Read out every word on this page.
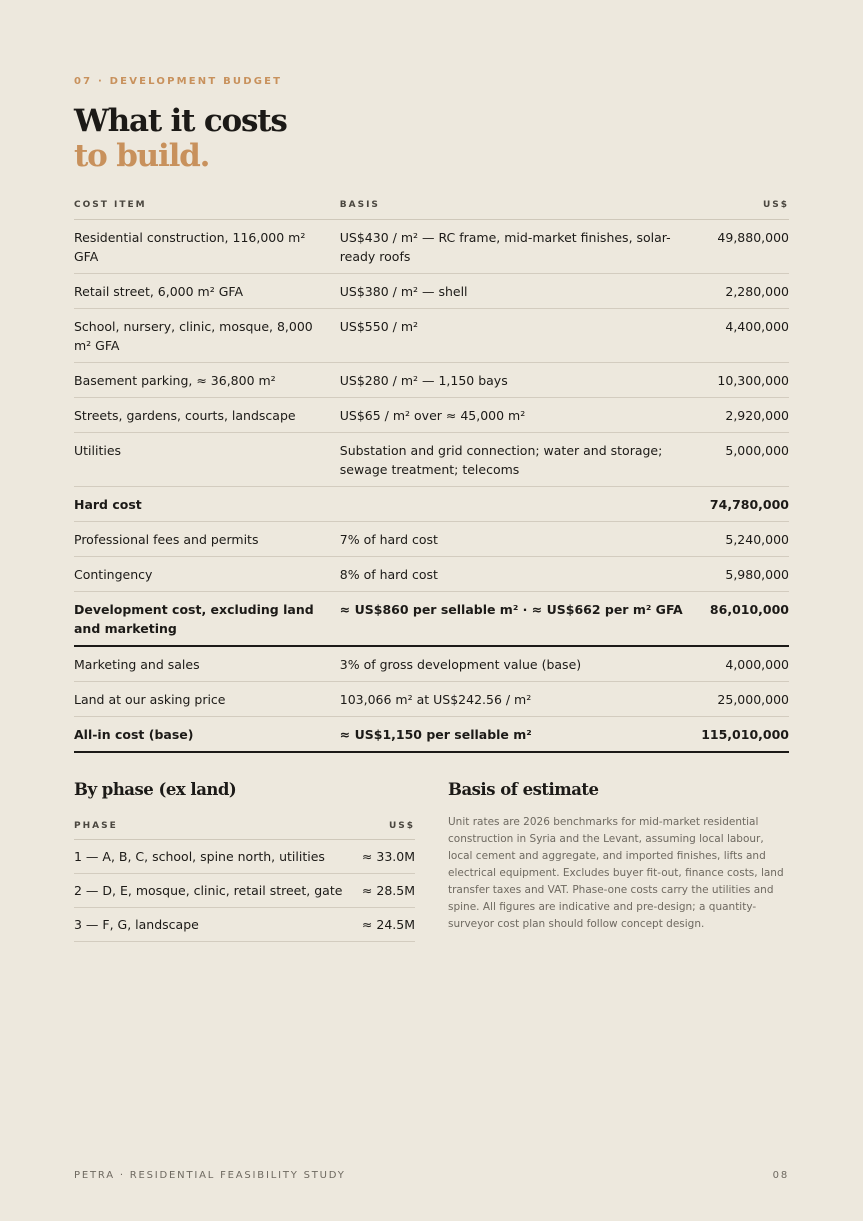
07 · DEVELOPMENT BUDGET
What it costs
to build.
COST ITEM	BASIS	US$
Residential construction, 116,000 m² GFA	US$430 / m² — RC frame, mid-market finishes, solar-ready roofs	49,880,000
Retail street, 6,000 m² GFA	US$380 / m² — shell	2,280,000
School, nursery, clinic, mosque, 8,000 m² GFA	US$550 / m²	4,400,000
Basement parking, ≈ 36,800 m²	US$280 / m² — 1,150 bays	10,300,000
Streets, gardens, courts, landscape	US$65 / m² over ≈ 45,000 m²	2,920,000
Utilities	Substation and grid connection; water and storage; sewage treatment; telecoms	5,000,000
Hard cost		74,780,000
Professional fees and permits	7% of hard cost	5,240,000
Contingency	8% of hard cost	5,980,000
Development cost, excluding land and marketing	≈ US$860 per sellable m² · ≈ US$662 per m² GFA	86,010,000
Marketing and sales	3% of gross development value (base)	4,000,000
Land at our asking price	103,066 m² at US$242.56 / m²	25,000,000
All-in cost (base)	≈ US$1,150 per sellable m²	115,010,000
By phase (ex land)
PHASE	US$
1 — A, B, C, school, spine north, utilities	≈ 33.0M
2 — D, E, mosque, clinic, retail street, gate	≈ 28.5M
3 — F, G, landscape	≈ 24.5M
Basis of estimate

Unit rates are 2026 benchmarks for mid-market residential construction in Syria and the Levant, assuming local labour, local cement and aggregate, and imported finishes, lifts and electrical equipment. Excludes buyer fit-out, finance costs, land transfer taxes and VAT. Phase-one costs carry the utilities and spine. All figures are indicative and pre-design; a quantity-surveyor cost plan should follow concept design.

PETRA · RESIDENTIAL FEASIBILITY STUDY	08
